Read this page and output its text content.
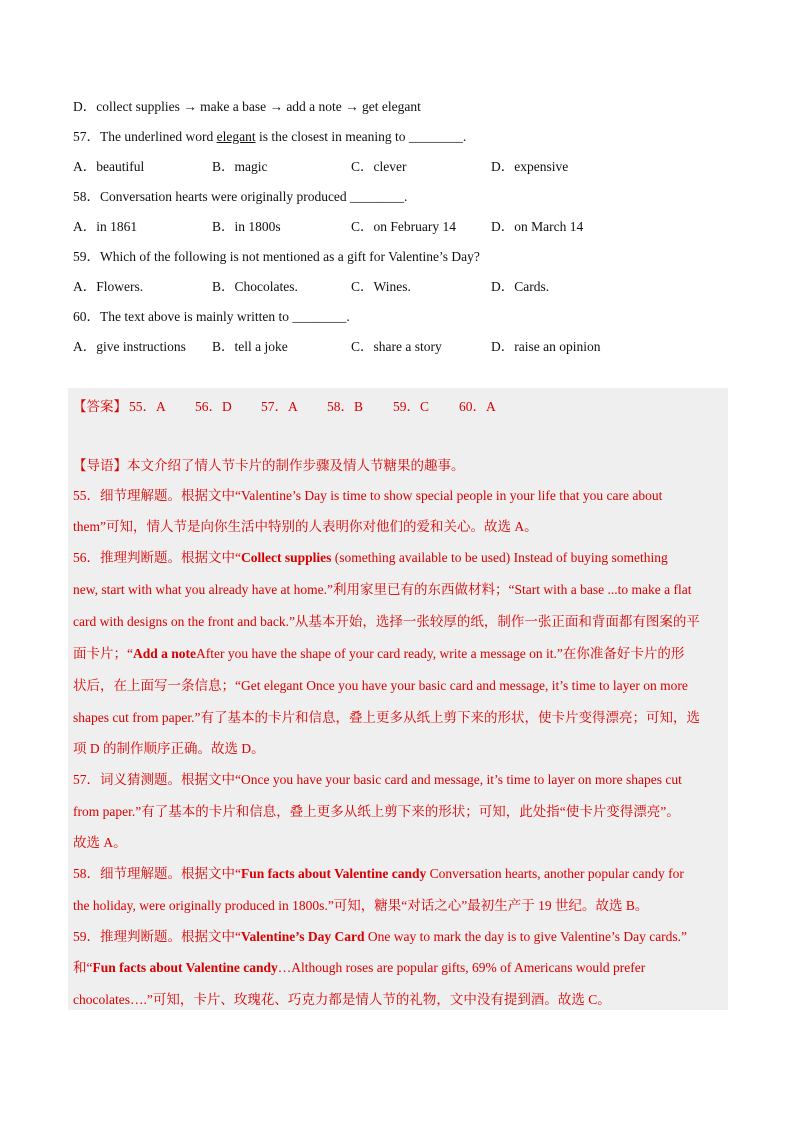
D．collect supplies → make a base → add a note → get elegant
57．The underlined word elegant is the closest in meaning to ________.
A．beautiful	B．magic	C．clever	D．expensive
58．Conversation hearts were originally produced ________.
A．in 1861	B．in 1800s	C．on February 14	D．on March 14
59．Which of the following is not mentioned as a gift for Valentine’s Day?
A．Flowers.	B．Chocolates.	C．Wines.	D．Cards.
60．The text above is mainly written to ________.
A．give instructions B．tell a joke	C．share a story	D．raise an opinion
【答案】 55．A 56．D 57．A 58．B 59．C 60．A
【导语】本文介绍了情人节卡片的制作步骤及情人节糖果的趣事。
55．细节理解题。根据文中“Valentine’s Day is time to show special people in your life that you care about
them”可知，情人节是向你生活中特别的人表明你对他们的爱和关心。故选 A。
56．推理判断题。根据文中“Collect supplies (something available to be used) Instead of buying something
new, start with what you already have at home.”利用家里已有的东西做材料；“Start with a base ...to make a flat
card with designs on the front and back.”从基本开始，选择一张较厚的纸，制作一张正面和背面都有图案的平
面卡片；“Add a noteAfter you have the shape of your card ready, write a message on it.”在你准备好卡片的形
状后，在上面写一条信息；“Get elegant Once you have your basic card and message, it’s time to layer on more
shapes cut from paper.”有了基本的卡片和信息，叠上更多从纸上剪下来的形状，使卡片变得漂亮；可知，选
项 D 的制作顺序正确。故选 D。
57．词义猜测题。根据文中“Once you have your basic card and message, it’s time to layer on more shapes cut
from paper.”有了基本的卡片和信息，叠上更多从纸上剪下来的形状；可知，此处指“使卡片变得漂亮”。
故选 A。
58．细节理解题。根据文中“Fun facts about Valentine candy Conversation hearts, another popular candy for
the holiday, were originally produced in 1800s.”可知，糖果“对话之心”最初生产于 19 世纪。故选 B。
59．推理判断题。根据文中“Valentine’s Day Card One way to mark the day is to give Valentine’s Day cards.”
和“Fun facts about Valentine candy…Although roses are popular gifts, 69% of Americans would prefer
chocolates….”可知，卡片、玫瑰花、巧克力都是情人节的礼物，文中没有提到酒。故选 C。
